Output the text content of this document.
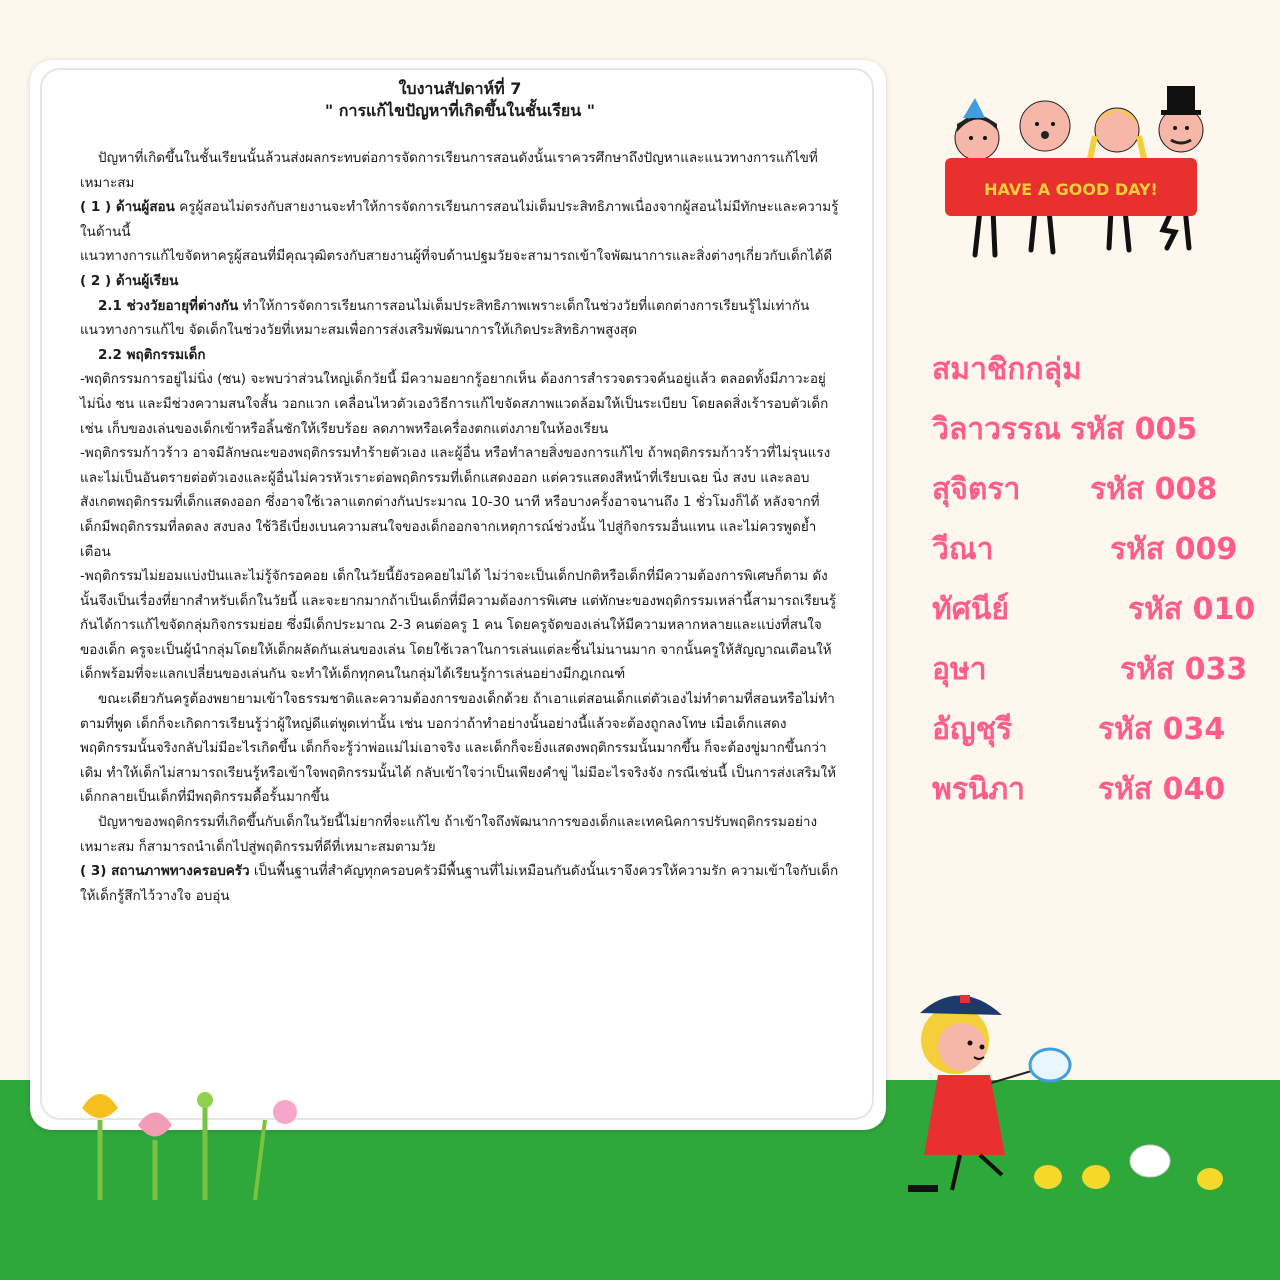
ใบงานสัปดาห์ที่ 7
" การแก้ไขปัญหาที่เกิดขึ้นในชั้นเรียน "

ปัญหาที่เกิดขึ้นในชั้นเรียนนั้นล้วนส่งผลกระทบต่อการจัดการเรียนการสอนดังนั้นเราควรศึกษาถึงปัญหาและแนวทางการแก้ไขที่เหมาะสม

( 1 ) ด้านผู้สอน ครูผู้สอนไม่ตรงกับสายงานจะทำให้การจัดการเรียนการสอนไม่เต็มประสิทธิภาพเนื่องจากผู้สอนไม่มีทักษะและความรู้ในด้านนี้

แนวทางการแก้ไขจัดหาครูผู้สอนที่มีคุณวุฒิตรงกับสายงานผู้ที่จบด้านปฐมวัยจะสามารถเข้าใจพัฒนาการและสิ่งต่างๆเกี่ยวกับเด็กได้ดี

( 2 ) ด้านผู้เรียน

2.1 ช่วงวัยอายุที่ต่างกัน ทำให้การจัดการเรียนการสอนไม่เต็มประสิทธิภาพเพราะเด็กในช่วงวัยที่แตกต่างการเรียนรู้ไม่เท่ากัน แนวทางการแก้ไข จัดเด็กในช่วงวัยที่เหมาะสมเพื่อการส่งเสริมพัฒนาการให้เกิดประสิทธิภาพสูงสุด

2.2 พฤติกรรมเด็ก

-พฤติกรรมการอยู่ไม่นิ่ง (ซน) จะพบว่าส่วนใหญ่เด็กวัยนี้ มีความอยากรู้อยากเห็น ต้องการสำรวจตรวจค้นอยู่แล้ว ตลอดทั้งมีภาวะอยู่ไม่นิ่ง ซน และมีช่วงความสนใจสั้น วอกแวก เคลื่อนไหวตัวเองวิธีการแก้ไขจัดสภาพแวดล้อมให้เป็นระเบียบ โดยลดสิ่งเร้ารอบตัวเด็ก เช่น เก็บของเล่นของเด็กเข้าหรือลิ้นชักให้เรียบร้อย ลดภาพหรือเครื่องตกแต่งภายในห้องเรียน

-พฤติกรรมก้าวร้าว อาจมีลักษณะของพฤติกรรมทำร้ายตัวเอง และผู้อื่น หรือทำลายสิ่งของการแก้ไข ถ้าพฤติกรรมก้าวร้าวที่ไม่รุนแรง และไม่เป็นอันตรายต่อตัวเองและผู้อื่นไม่ควรหัวเราะต่อพฤติกรรมที่เด็กแสดงออก แต่ควรแสดงสีหน้าที่เรียบเฉย นิ่ง สงบ และลอบสังเกตพฤติกรรมที่เด็กแสดงออก ซึ่งอาจใช้เวลาแตกต่างกันประมาณ 10-30 นาที หรือบางครั้งอาจนานถึง 1 ชั่วโมงก็ได้ หลังจากที่เด็กมีพฤติกรรมที่ลดลง สงบลง ใช้วิธีเบี่ยงเบนความสนใจของเด็กออกจากเหตุการณ์ช่วงนั้น ไปสู่กิจกรรมอื่นแทน และไม่ควรพูดย้ำเตือน

-พฤติกรรมไม่ยอมแบ่งปันและไม่รู้จักรอคอย เด็กในวัยนี้ยังรอคอยไม่ได้ ไม่ว่าจะเป็นเด็กปกติหรือเด็กที่มีความต้องการพิเศษก็ตาม ดังนั้นจึงเป็นเรื่องที่ยากสำหรับเด็กในวัยนี้ และจะยากมากถ้าเป็นเด็กที่มีความต้องการพิเศษ แต่ทักษะของพฤติกรรมเหล่านี้สามารถเรียนรู้กันได้การแก้ไขจัดกลุ่มกิจกรรมย่อย ซึ่งมีเด็กประมาณ 2-3 คนต่อครู 1 คน โดยครูจัดของเล่นให้มีความหลากหลายและแบ่งที่สนใจของเด็ก ครูจะเป็นผู้นำกลุ่มโดยให้เด็กผลัดกันเล่นของเล่น โดยใช้เวลาในการเล่นแต่ละชิ้นไม่นานมาก จากนั้นครูให้สัญญาณเตือนให้เด็กพร้อมที่จะแลกเปลี่ยนของเล่นกัน จะทำให้เด็กทุกคนในกลุ่มได้เรียนรู้การเล่นอย่างมีกฎเกณฑ์

ขณะเดียวกันครูต้องพยายามเข้าใจธรรมชาติและความต้องการของเด็กด้วย ถ้าเอาแต่สอนเด็กแต่ตัวเองไม่ทำตามที่สอนหรือไม่ทำตามที่พูด เด็กก็จะเกิดการเรียนรู้ว่าผู้ใหญ่ดีแต่พูดเท่านั้น เช่น บอกว่าถ้าทำอย่างนั้นอย่างนี้แล้วจะต้องถูกลงโทษ เมื่อเด็กแสดงพฤติกรรมนั้นจริงกลับไม่มีอะไรเกิดขึ้น เด็กก็จะรู้ว่าพ่อแม่ไม่เอาจริง และเด็กก็จะยิ่งแสดงพฤติกรรมนั้นมากขึ้น ก็จะต้องขู่มากขึ้นกว่าเดิม ทำให้เด็กไม่สามารถเรียนรู้หรือเข้าใจพฤติกรรมนั้นได้ กลับเข้าใจว่าเป็นเพียงคำขู่ ไม่มีอะไรจริงจัง กรณีเช่นนี้ เป็นการส่งเสริมให้เด็กกลายเป็นเด็กที่มีพฤติกรรมดื้อรั้นมากขึ้น

ปัญหาของพฤติกรรมที่เกิดขึ้นกับเด็กในวัยนี้ไม่ยากที่จะแก้ไข ถ้าเข้าใจถึงพัฒนาการของเด็กและเทคนิคการปรับพฤติกรรมอย่างเหมาะสม ก็สามารถนำเด็กไปสู่พฤติกรรมที่ดีที่เหมาะสมตามวัย

( 3) สถานภาพทางครอบครัว เป็นพื้นฐานที่สำคัญทุกครอบครัวมีพื้นฐานที่ไม่เหมือนกันดังนั้นเราจึงควรให้ความรัก ความเข้าใจกับเด็กให้เด็กรู้สึกไว้วางใจ อบอุ่น

HAVE A GOOD DAY!
สมาชิกกลุ่ม
วิลาวรรณ รหัส 005
สุจิตรา รหัส 008
วีณา	รหัส 009
ทัศนีย์	รหัส 010
อุษา	รหัส 033
อัญชุรี	รหัส 034
พรนิภา รหัส 040
